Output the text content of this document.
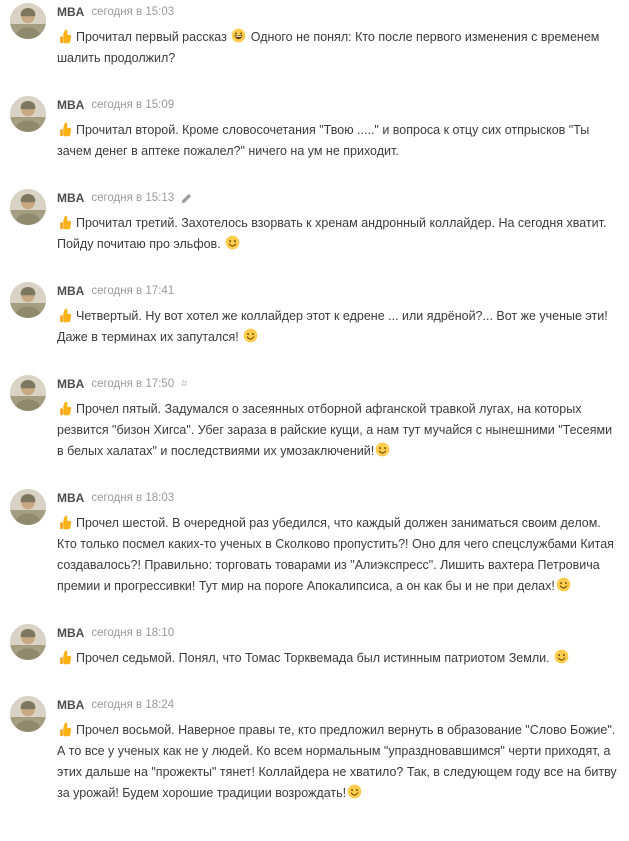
MBA сегодня в 15:03
Прочитал первый рассказ
Одного не понял: Кто после первого изменения с временем шалить продолжил?
MBA сегодня в 15:09
Прочитал второй. Кроме словосочетания "Твою ....." и вопроса к отцу сих отпрысков "Ты зачем денег в аптеке пожалел?" ничего на ум не приходит.
MBA сегодня в 15:13
Прочитал третий. Захотелось взорвать к хренам андронный коллайдер. На сегодня хватит. Пойду почитаю про эльфов.
MBA сегодня в 17:41
Четвертый. Ну вот хотел же коллайдер этот к едрене ... или ядрёной?... Вот же ученые эти! Даже в терминах их запутался!
MBA сегодня в 17:50 #
Прочел пятый. Задумался о засеянных отборной афганской травкой лугах, на которых резвится "бизон Хигса". Убег зараза в райские кущи, а нам тут мучайся с нынешними "Тесеями в белых халатах" и последствиями их умозаключений!
MBA сегодня в 18:03
Прочел шестой. В очередной раз убедился, что каждый должен заниматься своим делом. Кто только посмел каких-то ученых в Сколково пропустить?! Оно для чего спецслужбами Китая создавалось?! Правильно: торговать товарами из "Алиэкспресс". Лишить вахтера Петровича премии и прогрессивки! Тут мир на пороге Апокалипсиса, а он как бы и не при делах!
MBA сегодня в 18:10
Прочел седьмой. Понял, что Томас Торквемада был истинным патриотом Земли.
MBA сегодня в 18:24
Прочел восьмой. Наверное правы те, кто предложил вернуть в образование "Слово Божие". А то все у ученых как не у людей. Ко всем нормальным "упраздновавшимся" черти приходят, а этих дальше на "прожекты" тянет! Коллайдера не хватило? Так, в следующем году все на битву за урожай! Будем хорошие традиции возрождать!
